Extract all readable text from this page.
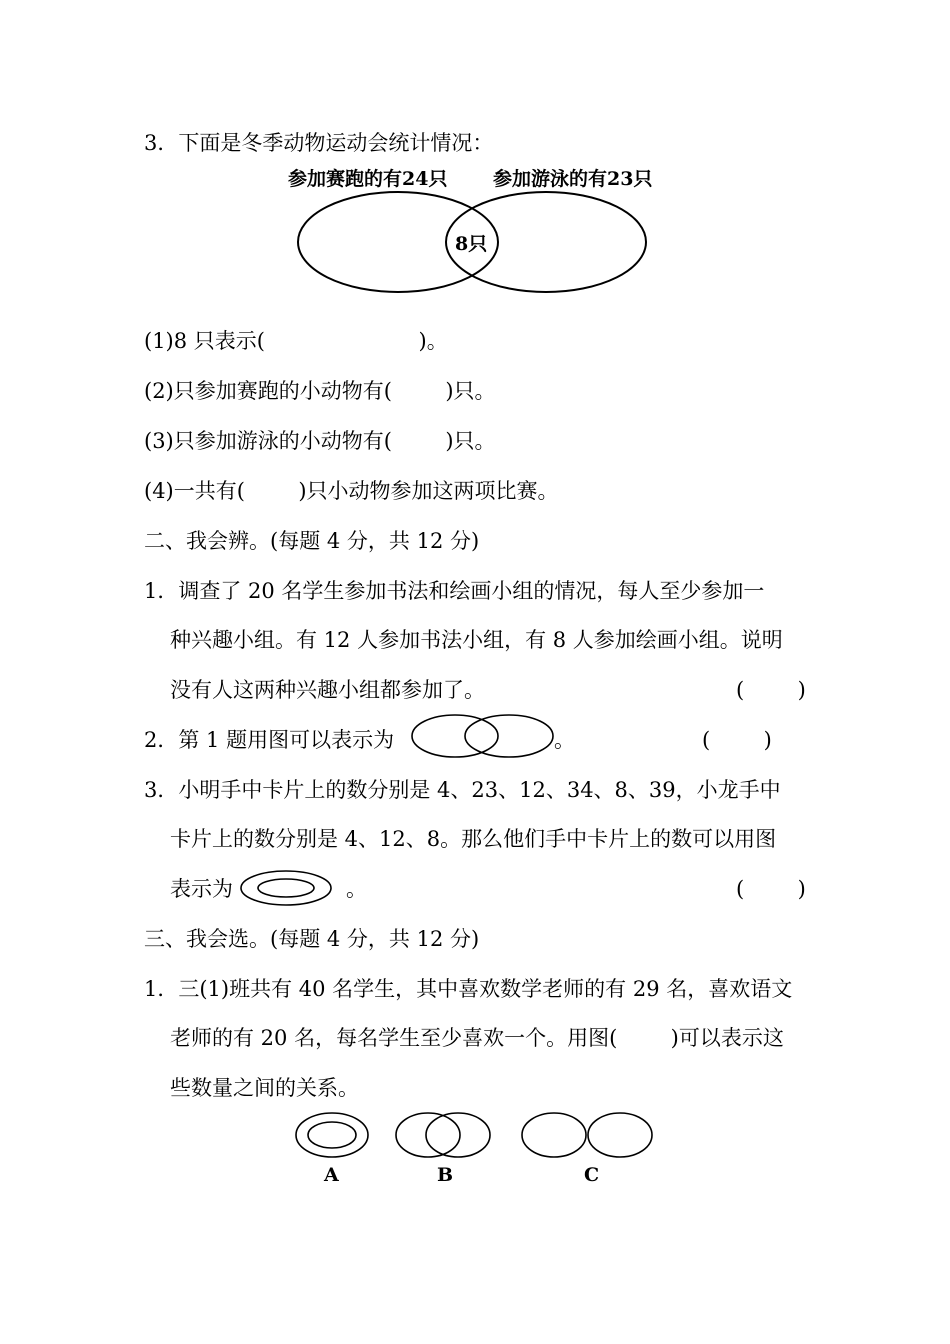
3．下面是冬季动物运动会统计情况：
参加赛跑的有24只 参加游泳的有23只
8只
(1)8 只表示(                       )。
(2)只参加赛跑的小动物有(        )只。
(3)只参加游泳的小动物有(        )只。
(4)一共有(        )只小动物参加这两项比赛。
二、我会辨。(每题 4 分，共 12 分)
1．调查了 20 名学生参加书法和绘画小组的情况，每人至少参加一
种兴趣小组。有 12 人参加书法小组，有 8 人参加绘画小组。说明
没有人这两种兴趣小组都参加了。	(        )
2．第 1 题用图可以表示为	。	(        )
3．小明手中卡片上的数分别是 4、23、12、34、8、39，小龙手中
卡片上的数分别是 4、12、8。那么他们手中卡片上的数可以用图
表示为	。	(        )
三、我会选。(每题 4 分，共 12 分)
1．三(1)班共有 40 名学生，其中喜欢数学老师的有 29 名，喜欢语文
老师的有 20 名，每名学生至少喜欢一个。用图(        )可以表示这
些数量之间的关系。
A	B	C
